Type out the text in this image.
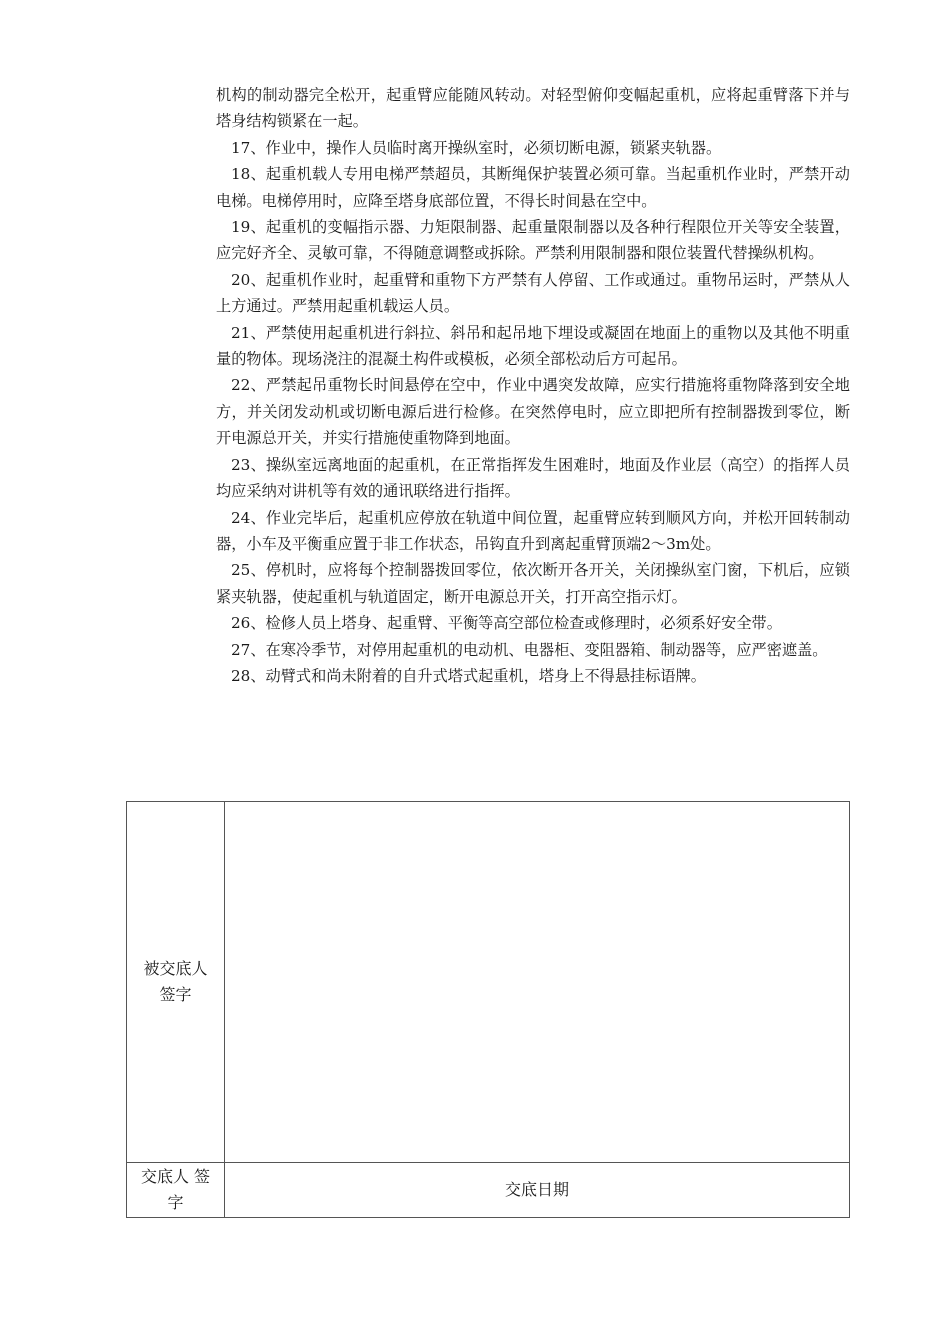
机构的制动器完全松开，起重臂应能随风转动。对轻型俯仰变幅起重机，应将起重臂落下并与塔身结构锁紧在一起。

17、作业中，操作人员临时离开操纵室时，必须切断电源，锁紧夹轨器。

18、起重机载人专用电梯严禁超员，其断绳保护装置必须可靠。当起重机作业时，严禁开动电梯。电梯停用时，应降至塔身底部位置，不得长时间悬在空中。

19、起重机的变幅指示器、力矩限制器、起重量限制器以及各种行程限位开关等安全装置，应完好齐全、灵敏可靠，不得随意调整或拆除。严禁利用限制器和限位装置代替操纵机构。

20、起重机作业时，起重臂和重物下方严禁有人停留、工作或通过。重物吊运时，严禁从人上方通过。严禁用起重机载运人员。

21、严禁使用起重机进行斜拉、斜吊和起吊地下埋设或凝固在地面上的重物以及其他不明重量的物体。现场浇注的混凝土构件或模板，必须全部松动后方可起吊。

22、严禁起吊重物长时间悬停在空中，作业中遇突发故障，应实行措施将重物降落到安全地方，并关闭发动机或切断电源后进行检修。在突然停电时，应立即把所有控制器拨到零位，断开电源总开关，并实行措施使重物降到地面。

23、操纵室远离地面的起重机，在正常指挥发生困难时，地面及作业层（高空）的指挥人员均应采纳对讲机等有效的通讯联络进行指挥。

24、作业完毕后，起重机应停放在轨道中间位置，起重臂应转到顺风方向，并松开回转制动器，小车及平衡重应置于非工作状态，吊钩直升到离起重臂顶端2〜3m处。

25、停机时，应将每个控制器拨回零位，依次断开各开关，关闭操纵室门窗，下机后，应锁紧夹轨器，使起重机与轨道固定，断开电源总开关，打开高空指示灯。

26、检修人员上塔身、起重臂、平衡等高空部位检查或修理时，必须系好安全带。

27、在寒冷季节，对停用起重机的电动机、电器柜、变阻器箱、制动器等，应严密遮盖。

28、动臂式和尚未附着的自升式塔式起重机，塔身上不得悬挂标语牌。

被交底人签字	
交底人 签字	交底日期
